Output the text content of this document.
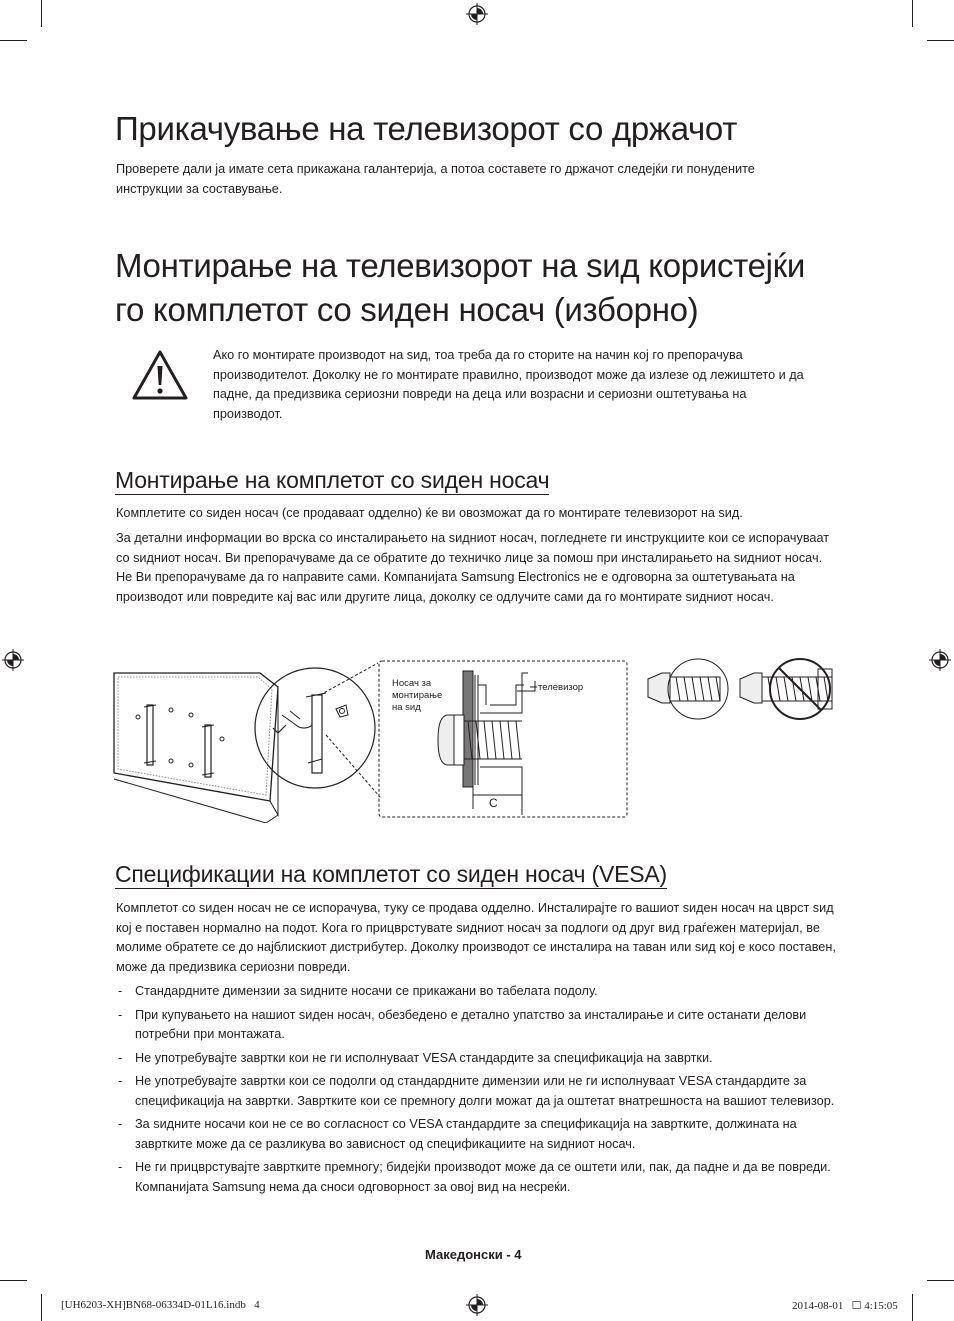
Прикачување на телевизорот со држачот

Проверете дали ја имате сета прикажана галантерија, а потоа составете го држачот следејќи ги понудените инструкции за составување.

Монтирање на телевизорот на ѕид користејќи
го комплетот со ѕиден носач (изборно)

Ако го монтирате производот на ѕид, тоа треба да го сторите на начин кој го препорачува производителот. Доколку не го монтирате правилно, производот може да излезе од лежиштето и да падне, да предизвика сериозни повреди на деца или возрасни и сериозни оштетувања на производот.

Монтирање на комплетот со ѕиден носач

Комплетите со ѕиден носач (се продаваат одделно) ќе ви овозможат да го монтирате телевизорот на ѕид.

За детални информации во врска со инсталирањето на ѕидниот носач, погледнете ги инструкциите кои се испорачуваат со ѕидниот носач. Ви препорачуваме да се обратите до техничко лице за помош при инсталирањето на ѕидниот носач. Не Ви препорачуваме да го направите сами. Компанијата Samsung Electronics не е одговорна за оштетувањата на производот или повредите кај вас или другите лица, доколку се одлучите сами да го монтирате ѕидниот носач.

Носач за
монтирање
на ѕид
телевизор
C
Спецификации на комплетот со ѕиден носач (VESA)

Комплетот со ѕиден носач не се испорачува, туку се продава одделно. Инсталирајте го вашиот ѕиден носач на цврст ѕид кој е поставен нормално на подот. Кога го прицврстувате ѕидниот носач за подлоги од друг вид граѓежен материјал, ве молиме обратете се до најблискиот дистрибутер. Доколку производот се инсталира на таван или ѕид кој е косо поставен, може да предизвика сериозни повреди.

- Стандардните димензии за ѕидните носачи се прикажани во табелата подолу.
- При купувањето на нашиот ѕиден носач, обезбедено е детално упатство за инсталирање и сите останати делови потребни при монтажата.
- Не употребувајте завртки кои не ги исполнуваат VESA стандардите за спецификација на завртки.
- Не употребувајте завртки кои се подолги од стандардните димензии или не ги исполнуваат VESA стандардите за спецификација на завртки. Завртките кои се премногу долги можат да ја оштетат внатрешноста на вашиот телевизор.
- За ѕидните носачи кои не се во согласност со VESA стандардите за спецификација на завртките, должината на завртките може да се разликува во зависност од спецификациите на ѕидниот носач.
- Не ги прицврстувајте завртките премногу; бидејќи производот може да се оштети или, пак, да падне и да ве повреди. Компанијата Samsung нема да сноси одговорност за овој вид на несреќи.
Македонски - 4
[UH6203-XH]BN68-06334D-01L16.indb   4	2014-08-01   ☐ 4:15:05
